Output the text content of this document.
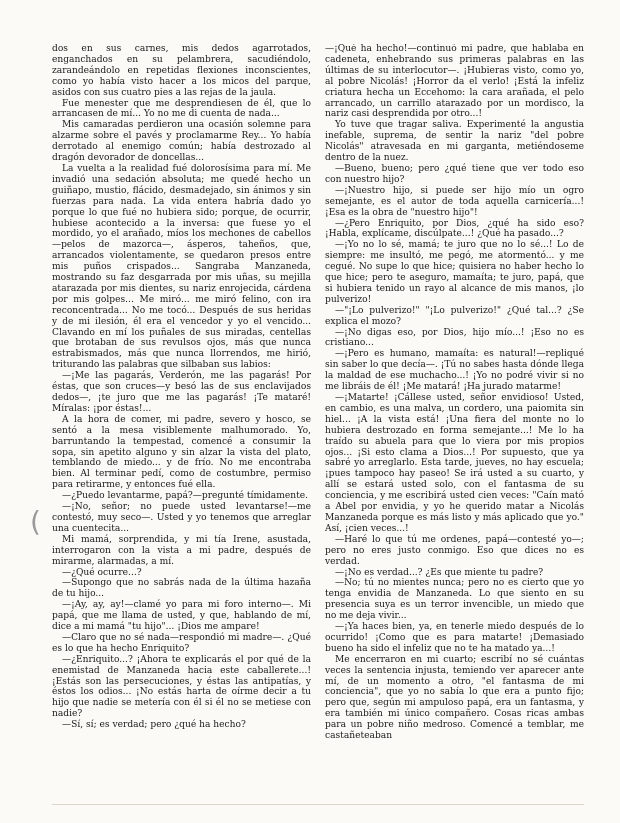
(

dos en sus carnes, mis dedos agarrotados, enganchados en su pelambrera, sacudiéndolo, zarandeándolo en repetidas flexiones inconscientes, como yo había visto hacer a los micos del parque, asidos con sus cuatro pies a las rejas de la jaula.

Fue menester que me desprendiesen de él, que lo arrancasen de mí... Yo no me di cuenta de nada...

Mis camaradas perdieron una ocasión solemne para alzarme sobre el pavés y proclamarme Rey... Yo había derrotado al enemigo común; había destrozado al dragón devorador de doncellas...

La vuelta a la realidad fué dolorosísima para mí. Me invadió una sedación absoluta; me quedé hecho un guiñapo, mustio, flácido, desmadejado, sin ánimos y sin fuerzas para nada. La vida entera habría dado yo porque lo que fué no hubiera sido; porque, de ocurrir, hubiese acontecido a la inversa: que fuese yo el mordido, yo el arañado, míos los mechones de cabellos—pelos de mazorca—, ásperos, taheños, que, arrancados violentamente, se quedaron presos entre mis puños crispados... Sangraba Manzaneda, mostrando su faz desgarrada por mis uñas, su mejilla atarazada por mis dientes, su nariz enrojecida, cárdena por mis golpes... Me miró... me miró felino, con ira reconcentrada... No me tocó... Después de sus heridas y de mi ilesión, él era el vencedor y yo el vencido... Clavando en mí los puñales de sus miradas, centellas que brotaban de sus revulsos ojos, más que nunca estrabismados, más que nunca llorrendos, me hirió, triturando las palabras que silbaban sus labios:

—¡Me las pagarás, Verderón, me las pagarás! Por éstas, que son cruces—y besó las de sus enclavijados dedos—, ¡te juro que me las pagarás! ¡Te mataré! Míralas: ¡por éstas!...

A la hora de comer, mi padre, severo y hosco, se sentó a la mesa visiblemente malhumorado. Yo, barruntando la tempestad, comencé a consumir la sopa, sin apetito alguno y sin alzar la vista del plato, temblando de miedo... y de frío. No me encontraba bien. Al terminar pedí, como de costumbre, permiso para retirarme, y entonces fué ella.

—¿Puedo levantarme, papá?—pregunté tímidamente.

—¡No, señor; no puede usted levantarse!—me contestó, muy seco—. Usted y yo tenemos que arreglar una cuentecita...

Mi mamá, sorprendida, y mi tía Irene, asustada, interrogaron con la vista a mi padre, después de mirarme, alarmadas, a mí.

—¿Qué ocurre...?

—Supongo que no sabrás nada de la última hazaña de tu hijo...

—¡Ay, ay, ay!—clamé yo para mi foro interno—. Mi papá, que me llama de usted, y que, hablando de mí, dice a mi mamá "tu hijo"... ¡Dios me ampare!

—Claro que no sé nada—respondió mi madre—. ¿Qué es lo que ha hecho Enriquito?

—¿Enriquito...? ¡Ahora te explicarás el por qué de la enemistad de Manzaneda hacia este caballerete...! ¡Estás son las persecuciones, y éstas las antipatías, y éstos los odios... ¡No estás harta de oírme decir a tu hijo que nadie se metería con él si él no se metiese con nadie?

—Sí, sí; es verdad; pero ¿qué ha hecho?

—¡Qué ha hecho!—continuó mi padre, que hablaba en cadeneta, enhebrando sus primeras palabras en las últimas de su interlocutor—. ¡Hubieras visto, como yo, al pobre Nicolás! ¡Horror da el verlo! ¡Está la infeliz criatura hecha un Eccehomo: la cara arañada, el pelo arrancado, un carrillo atarazado por un mordisco, la nariz casi desprendida por otro...!

Yo tuve que tragar saliva. Experimenté la angustia inefable, suprema, de sentir la nariz "del pobre Nicolás" atravesada en mi garganta, metiéndoseme dentro de la nuez.

—Bueno, bueno; pero ¿qué tiene que ver todo eso con nuestro hijo?

—¡Nuestro hijo, si puede ser hijo mío un ogro semejante, es el autor de toda aquella carnicería...! ¡Esa es la obra de "nuestro hijo"!

—¿Pero Enriquito, por Dios, ¿qué ha sido eso? ¡Habla, explícame, discúlpate...! ¿Qué ha pasado...?

—¡Yo no lo sé, mamá; te juro que no lo sé...! Lo de siempre: me insultó, me pegó, me atormentó... y me cegué. No supe lo que hice; quisiera no haber hecho lo que hice; pero te aseguro, mamaíta; te juro, papá, que si hubiera tenido un rayo al alcance de mis manos, ¡lo pulverizo!

—"¡Lo pulverizo!" "¡Lo pulverizo!" ¿Qué tal...? ¿Se explica el mozo?

—¡No digas eso, por Dios, hijo mío...! ¡Eso no es cristiano...

—¡Pero es humano, mamaíta: es natural!—repliqué sin saber lo que decía—. ¡Tú no sabes hasta dónde llega la maldad de ese muchacho...! ¡Yo no podré vivir si no me libráis de él! ¡Me matará! ¡Ha jurado matarme!

—¡Matarte! ¡Cállese usted, señor envidioso! Usted, en cambio, es una malva, un cordero, una paiomita sin hiel... ¡A la vista está! ¡Una fiera del monte no lo hubiera destrozado en forma semejante...! Me lo ha traído su abuela para que lo viera por mis propios ojos... ¡Si esto clama a Dios...! Por supuesto, que ya sabré yo arreglarlo. Esta tarde, jueves, no hay escuela; ¡pues tampoco hay paseo! Se irá usted a su cuarto, y allí se estará usted solo, con el fantasma de su conciencia, y me escribirá usted cien veces: "Caín mató a Abel por envidia, y yo he querido matar a Nicolás Manzaneda porque es más listo y más aplicado que yo." Así, ¡cien veces...!

—Haré lo que tú me ordenes, papá—contesté yo—; pero no eres justo conmigo. Eso que dices no es verdad.

—¡No es verdad...? ¿Es que miente tu padre?

—No; tú no mientes nunca; pero no es cierto que yo tenga envidia de Manzaneda. Lo que siento en su presencia suya es un terror invencible, un miedo que no me deja vivir...

—¡Ya haces bien, ya, en tenerle miedo después de lo ocurrido! ¡Como que es para matarte! ¡Demasiado bueno ha sido el infeliz que no te ha matado ya...!

Me encerraron en mi cuarto; escribí no sé cuántas veces la sentencia injusta, temiendo ver aparecer ante mí, de un momento a otro, "el fantasma de mi conciencia", que yo no sabía lo que era a punto fijo; pero que, según mi ampuloso papá, era un fantasma, y era también mi único compañero. Cosas ricas ambas para un pobre niño medroso. Comencé a temblar, me castañeteaban
